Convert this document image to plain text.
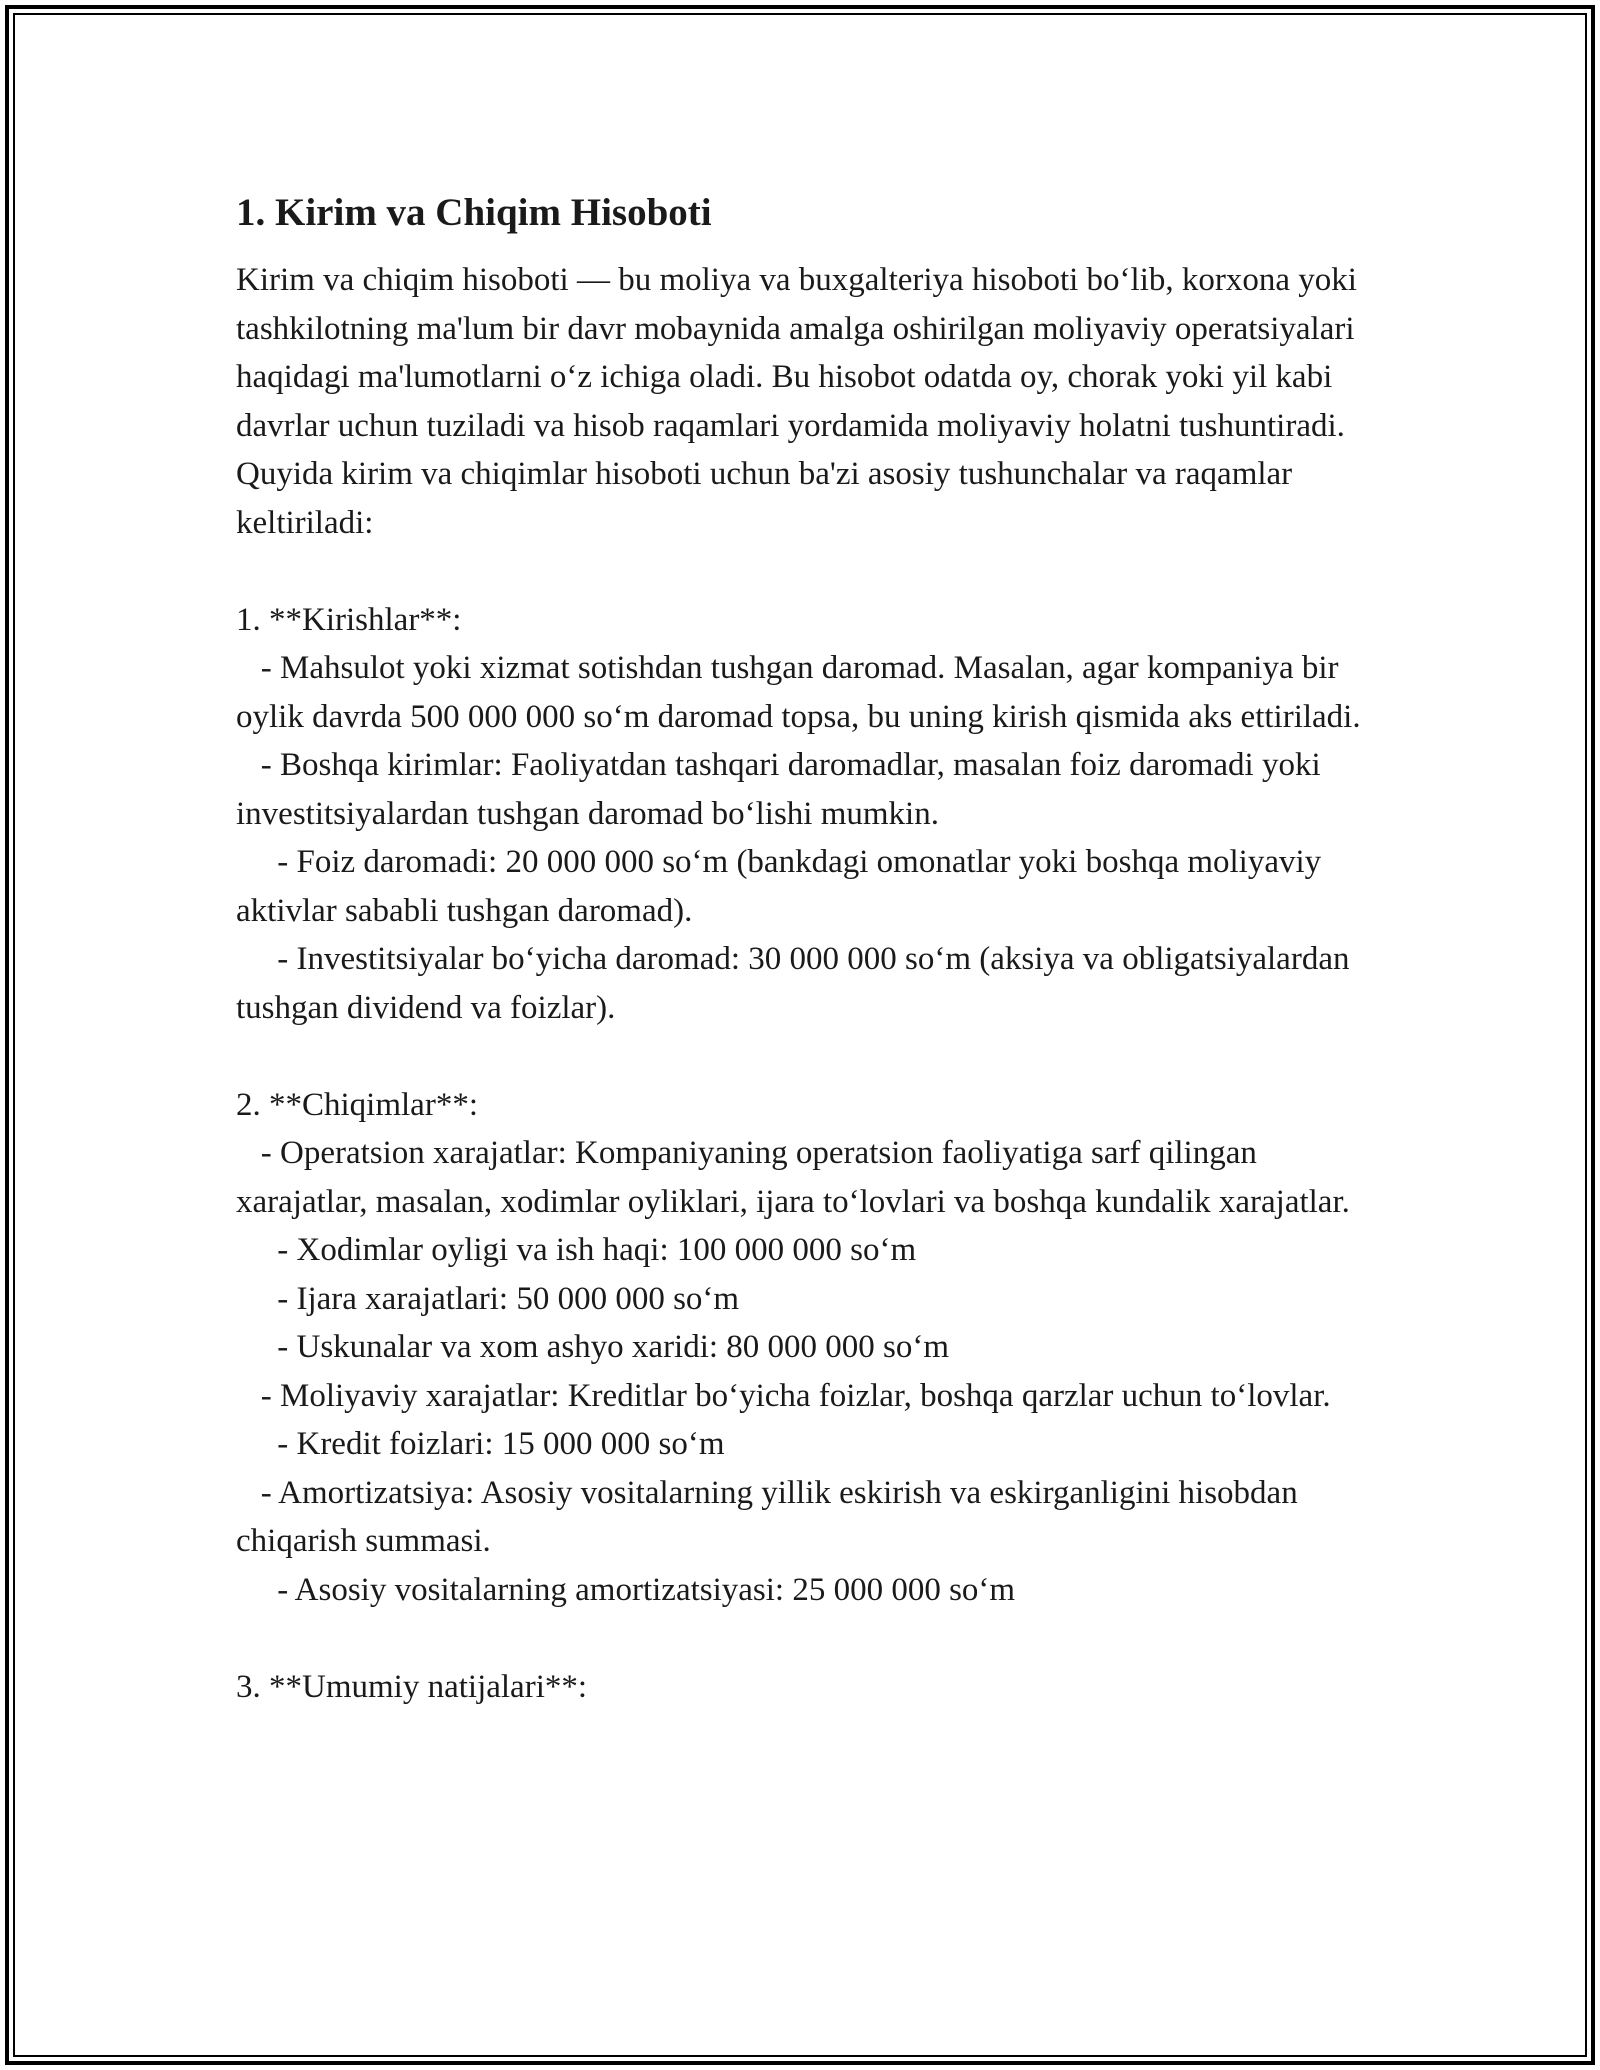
1. Kirim va Chiqim Hisoboti

Kirim va chiqim hisoboti — bu moliya va buxgalteriya hisoboti bo‘lib, korxona yoki tashkilotning ma'lum bir davr mobaynida amalga oshirilgan moliyaviy operatsiyalari haqidagi ma'lumotlarni o‘z ichiga oladi. Bu hisobot odatda oy, chorak yoki yil kabi davrlar uchun tuziladi va hisob raqamlari yordamida moliyaviy holatni tushuntiradi. Quyida kirim va chiqimlar hisoboti uchun ba'zi asosiy tushunchalar va raqamlar keltiriladi:

1. **Kirishlar**:

- Mahsulot yoki xizmat sotishdan tushgan daromad. Masalan, agar kompaniya bir oylik davrda 500 000 000 so‘m daromad topsa, bu uning kirish qismida aks ettiriladi.

- Boshqa kirimlar: Faoliyatdan tashqari daromadlar, masalan foiz daromadi yoki investitsiyalardan tushgan daromad bo‘lishi mumkin.

- Foiz daromadi: 20 000 000 so‘m (bankdagi omonatlar yoki boshqa moliyaviy aktivlar sababli tushgan daromad).

- Investitsiyalar bo‘yicha daromad: 30 000 000 so‘m (aksiya va obligatsiyalardan tushgan dividend va foizlar).

2. **Chiqimlar**:

- Operatsion xarajatlar: Kompaniyaning operatsion faoliyatiga sarf qilingan xarajatlar, masalan, xodimlar oyliklari, ijara to‘lovlari va boshqa kundalik xarajatlar.

- Xodimlar oyligi va ish haqi: 100 000 000 so‘m

- Ijara xarajatlari: 50 000 000 so‘m

- Uskunalar va xom ashyo xaridi: 80 000 000 so‘m

- Moliyaviy xarajatlar: Kreditlar bo‘yicha foizlar, boshqa qarzlar uchun to‘lovlar.

- Kredit foizlari: 15 000 000 so‘m

- Amortizatsiya: Asosiy vositalarning yillik eskirish va eskirganligini hisobdan chiqarish summasi.

- Asosiy vositalarning amortizatsiyasi: 25 000 000 so‘m

3. **Umumiy natijalari**:
